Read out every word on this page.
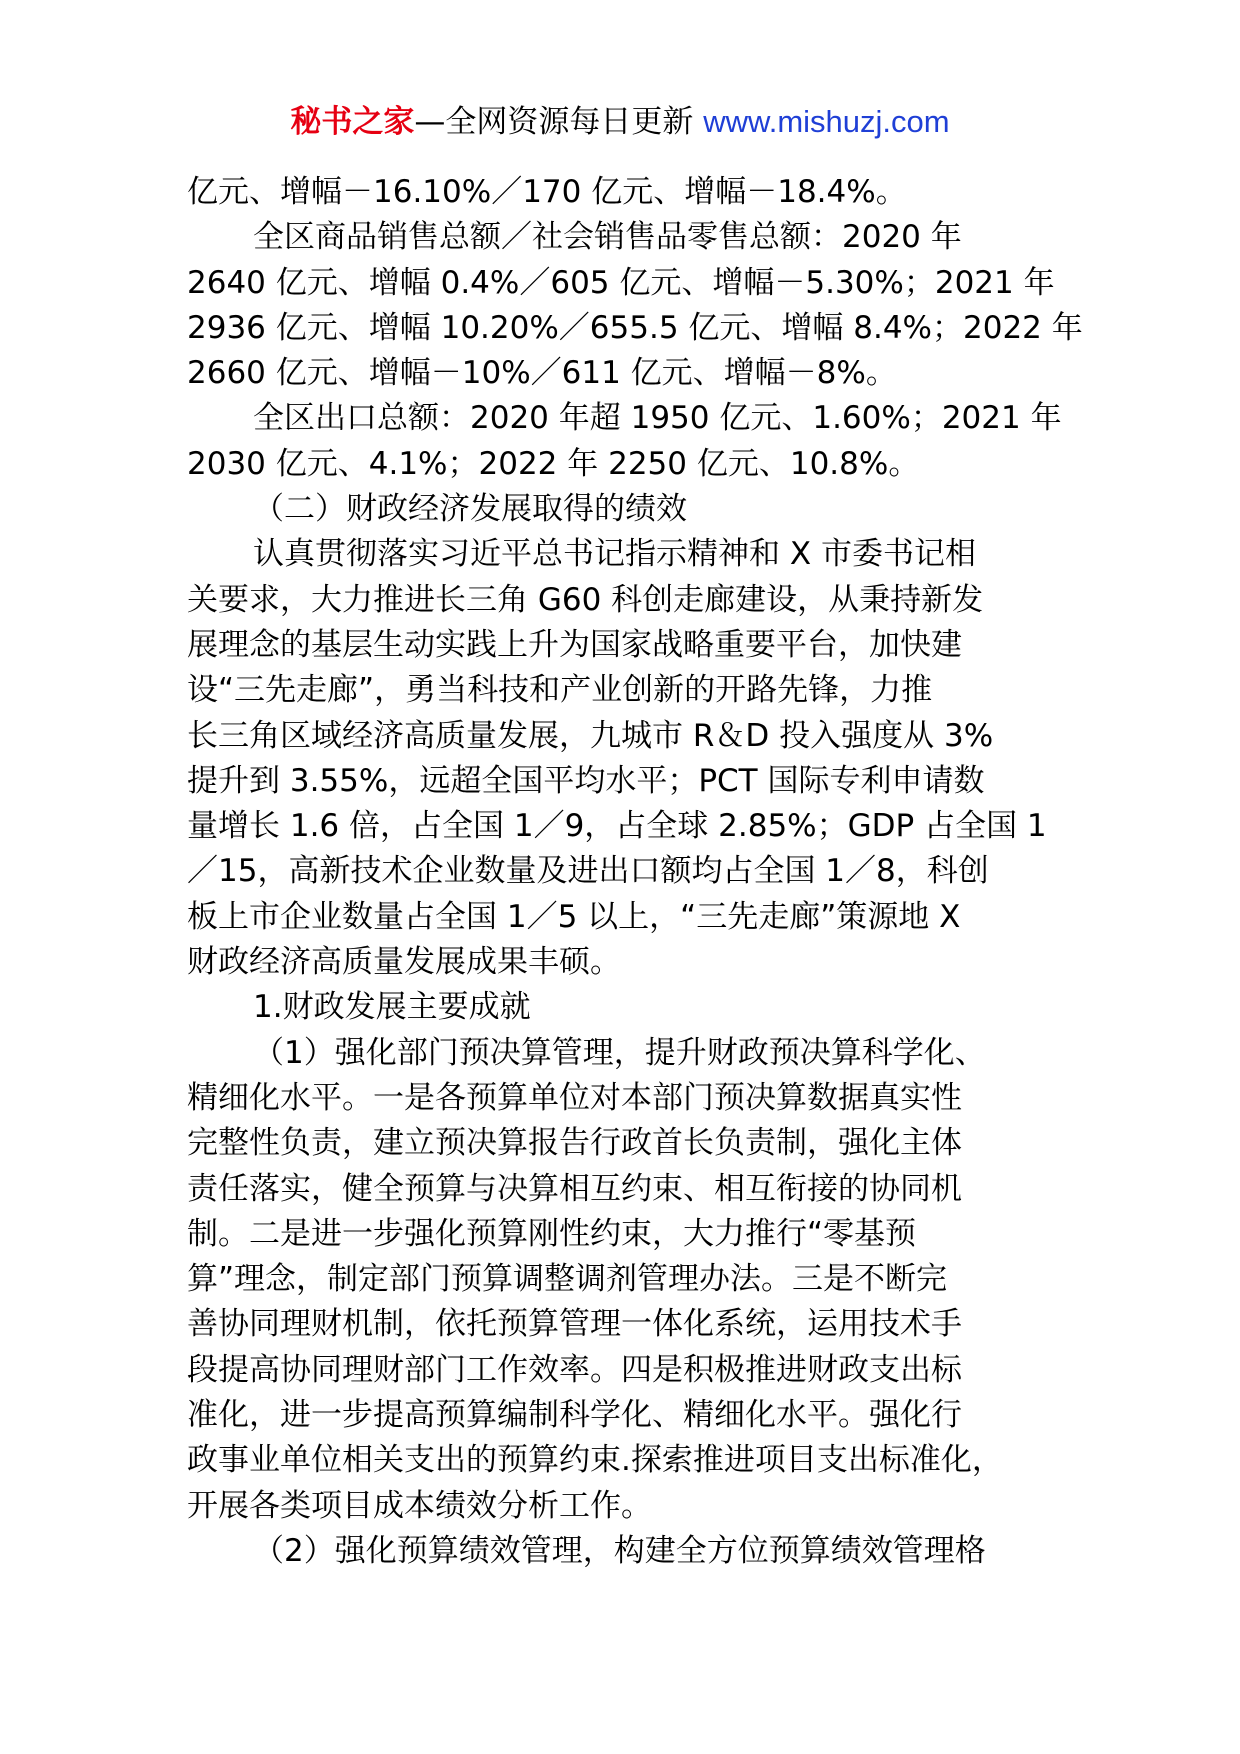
秘书之家—全网资源每日更新 www.mishuzj.com
亿元、增幅－16.10%／170 亿元、增幅－18.4%。
全区商品销售总额／社会销售品零售总额：2020 年
2640 亿元、增幅 0.4%／605 亿元、增幅－5.30%；2021 年
2936 亿元、增幅 10.20%／655.5 亿元、增幅 8.4%；2022 年
2660 亿元、增幅－10%／611 亿元、增幅－8%。
全区出口总额：2020 年超 1950 亿元、1.60%；2021 年
2030 亿元、4.1%；2022 年 2250 亿元、10.8%。
（二）财政经济发展取得的绩效
认真贯彻落实习近平总书记指示精神和 X 市委书记相
关要求，大力推进长三角 G60 科创走廊建设，从秉持新发
展理念的基层生动实践上升为国家战略重要平台，加快建
设“三先走廊”，勇当科技和产业创新的开路先锋，力推
长三角区域经济高质量发展，九城市 R＆D 投入强度从 3%
提升到 3.55%，远超全国平均水平；PCT 国际专利申请数
量增长 1.6 倍，占全国 1／9，占全球 2.85%；GDP 占全国 1
／15，高新技术企业数量及进出口额均占全国 1／8，科创
板上市企业数量占全国 1／5 以上，“三先走廊”策源地 X
财政经济高质量发展成果丰硕。
1.财政发展主要成就
（1）强化部门预决算管理，提升财政预决算科学化、
精细化水平。一是各预算单位对本部门预决算数据真实性
完整性负责，建立预决算报告行政首长负责制，强化主体
责任落实，健全预算与决算相互约束、相互衔接的协同机
制。二是进一步强化预算刚性约束，大力推行“零基预
算”理念，制定部门预算调整调剂管理办法。三是不断完
善协同理财机制，依托预算管理一体化系统，运用技术手
段提高协同理财部门工作效率。四是积极推进财政支出标
准化，进一步提高预算编制科学化、精细化水平。强化行
政事业单位相关支出的预算约束.探索推进项目支出标准化，
开展各类项目成本绩效分析工作。
（2）强化预算绩效管理，构建全方位预算绩效管理格
